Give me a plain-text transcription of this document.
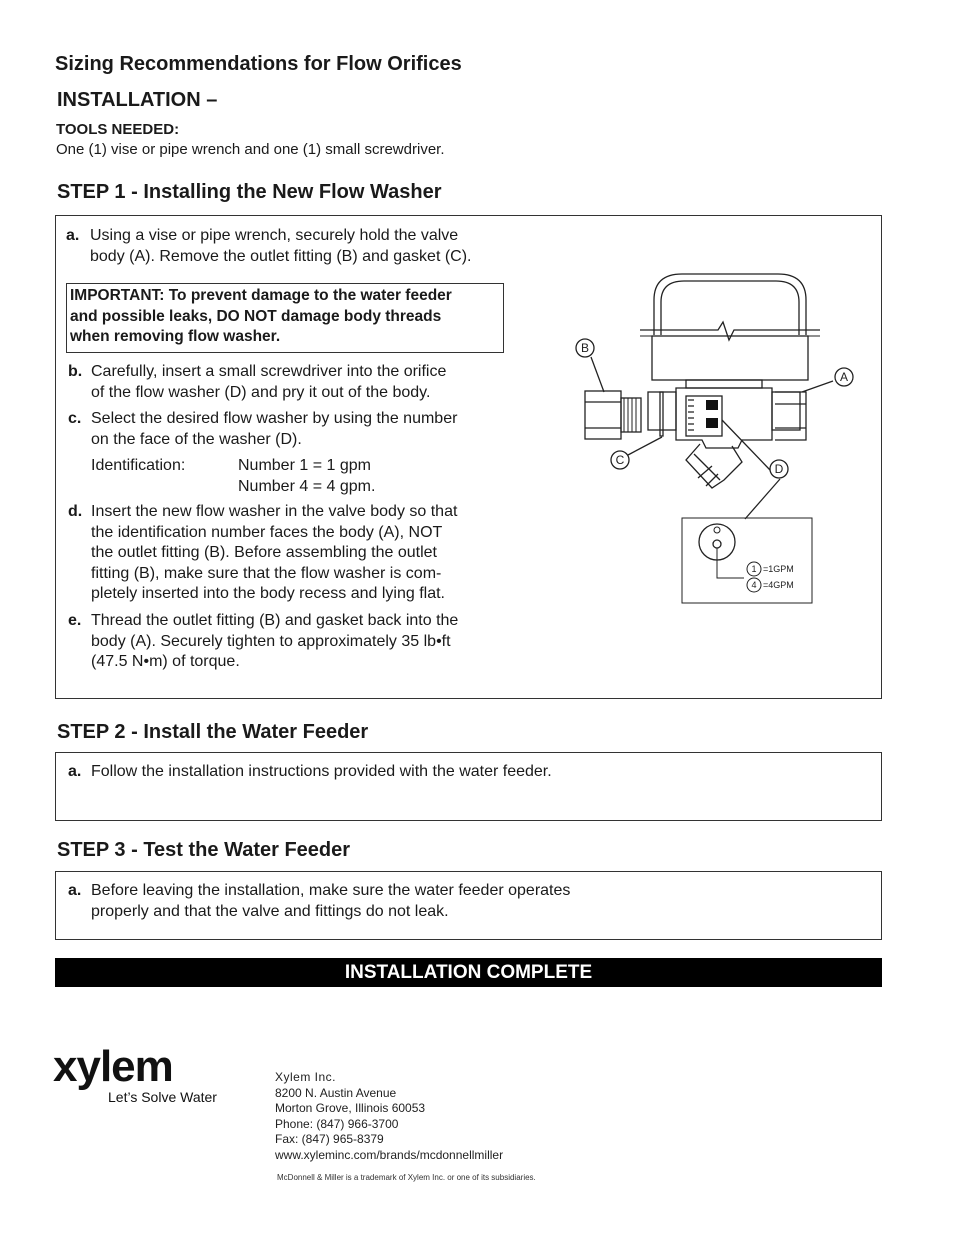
Sizing Recommendations for Flow Orifices
INSTALLATION –
TOOLS NEEDED:
One (1) vise or pipe wrench and one (1) small screwdriver.
STEP 1 - Installing the New Flow Washer
a. Using a vise or pipe wrench, securely hold the valve
body (A). Remove the outlet fitting (B) and gasket (C).
IMPORTANT: To prevent damage to the water feeder
and possible leaks, DO NOT damage body threads
when removing flow washer.
b. Carefully, insert a small screwdriver into the orifice
of the flow washer (D) and pry it out of the body.
c. Select the desired flow washer by using the number
on the face of the washer (D).
Identification:	Number 1 = 1 gpm
Number 4 = 4 gpm.
d. Insert the new flow washer in the valve body so that
the identification number faces the body (A), NOT
the outlet fitting (B). Before assembling the outlet
fitting (B), make sure that the flow washer is com-
pletely inserted into the body recess and lying flat.
e. Thread the outlet fitting (B) and gasket back into the
body (A). Securely tighten to approximately 35 lb•ft
(47.5 N•m) of torque.
B
A
C
D
1 =1GPM
4 =4GPM
STEP 2 - Install the Water Feeder
a. Follow the installation instructions provided with the water feeder.
STEP 3 - Test the Water Feeder
a. Before leaving the installation, make sure the water feeder operates
properly and that the valve and fittings do not leak.
INSTALLATION COMPLETE
xylem
Let’s Solve Water
Xylem Inc.
8200 N. Austin Avenue
Morton Grove, Illinois 60053
Phone: (847) 966-3700
Fax: (847) 965-8379
www.xyleminc.com/brands/mcdonnellmiller
McDonnell & Miller is a trademark of Xylem Inc. or one of its subsidiaries.
